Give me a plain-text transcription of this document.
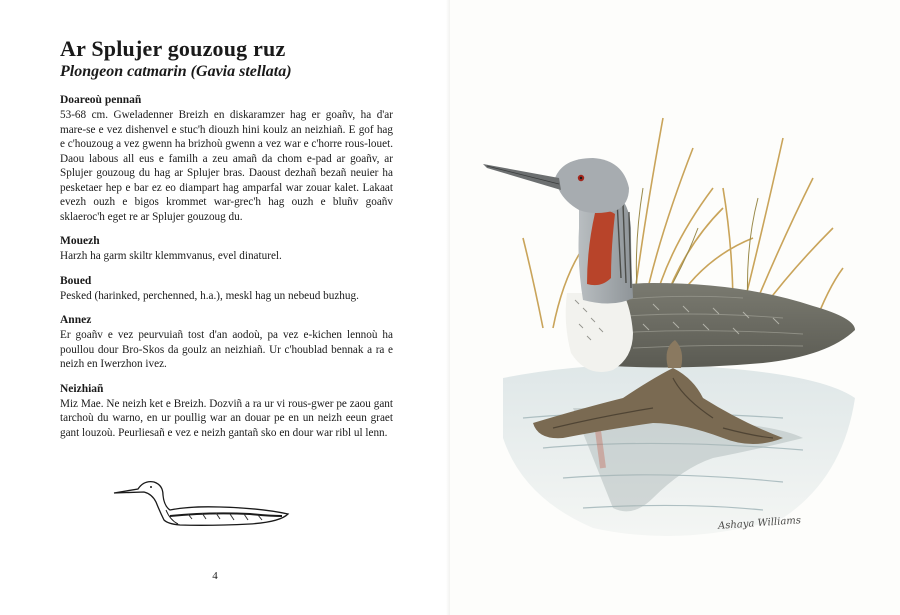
Ar Splujer gouzoug ruz
Plongeon catmarin (Gavia stellata)
Doareoù pennañ

53-68 cm. Gweladenner Breizh en diskaramzer hag er goañv, ha d'ar mare-se e vez dishenvel e stuc'h diouzh hini koulz an neizhiañ. E gof hag e c'houzoug a vez gwenn ha brizhoù gwenn a vez war e c'horre rous-louet. Daou labous all eus e familh a zeu amañ da chom e-pad ar goañv, ar Splujer gouzoug du hag ar Splujer bras. Daoust dezhañ bezañ neuier ha pesketaer hep e bar ez eo diampart hag amparfal war zouar kalet. Lakaat evezh ouzh e bigos krommet war-grec'h hag ouzh e bluñv goañv sklaeroc'h eget re ar Splujer gouzoug du.

Mouezh

Harzh ha garm skiltr klemmvanus, evel dinaturel.

Boued

Pesked (harinked, perchenned, h.a.), meskl hag un nebeud buzhug.

Annez

Er goañv e vez peurvuiañ tost d'an aodoù, pa vez e-kichen lennoù ha poullou dour Bro-Skos da goulz an neizhiañ. Ur c'houblad bennak a ra e neizh en Iwerzhon ivez.

Neizhiañ

Miz Mae. Ne neizh ket e Breizh. Dozviñ a ra ur vi rous-gwer pe zaou gant tarchoù du warno, en ur poullig war an douar pe en un neizh eeun graet gant louzoù. Peurliesañ e vez e neizh gantañ sko en dour war ribl ul lenn.

4
Ashaya Williams
